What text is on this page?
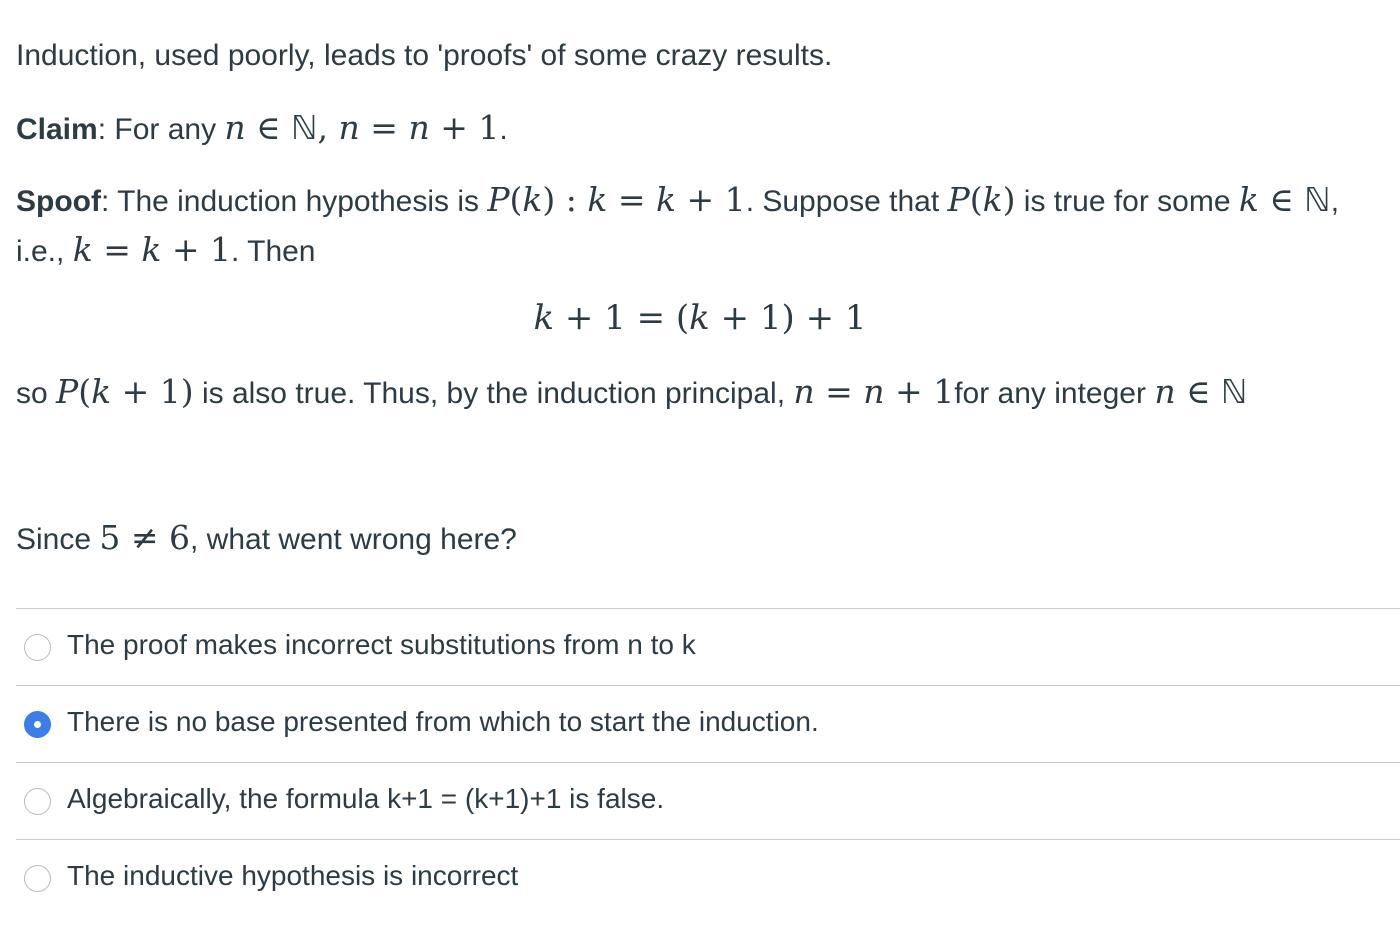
Induction, used poorly, leads to 'proofs' of some crazy results.
Claim: For any n ∈ ℕ, n = n + 1.
Spoof: The induction hypothesis is P(k) : k = k + 1. Suppose that P(k) is true for some k ∈ ℕ,
i.e., k = k + 1. Then
k + 1 = (k + 1) + 1
so P(k + 1) is also true. Thus, by the induction principal, n = n + 1for any integer n ∈ ℕ
Since 5 ≠ 6, what went wrong here?
The proof makes incorrect substitutions from n to k
There is no base presented from which to start the induction.
Algebraically, the formula k+1 = (k+1)+1 is false.
The inductive hypothesis is incorrect
